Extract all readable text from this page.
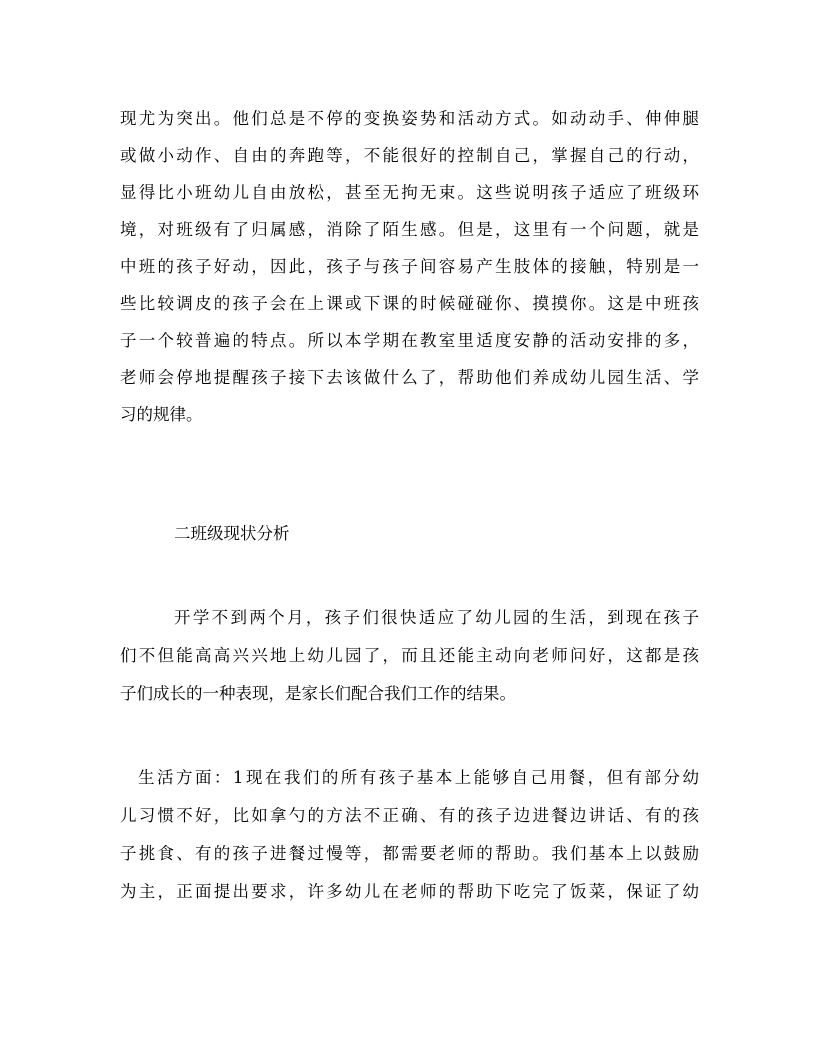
现尤为突出。他们总是不停的变换姿势和活动方式。如动动手、伸伸腿
或做小动作、自由的奔跑等，不能很好的控制自己，掌握自己的行动，
显得比小班幼儿自由放松，甚至无拘无束。这些说明孩子适应了班级环
境，对班级有了归属感，消除了陌生感。但是，这里有一个问题，就是
中班的孩子好动，因此，孩子与孩子间容易产生肢体的接触，特别是一
些比较调皮的孩子会在上课或下课的时候碰碰你、摸摸你。这是中班孩
子一个较普遍的特点。所以本学期在教室里适度安静的活动安排的多，
老师会停地提醒孩子接下去该做什么了，帮助他们养成幼儿园生活、学
习的规律。
二班级现状分析
开学不到两个月，孩子们很快适应了幼儿园的生活，到现在孩子
们不但能高高兴兴地上幼儿园了，而且还能主动向老师问好，这都是孩
子们成长的一种表现，是家长们配合我们工作的结果。
生活方面：1现在我们的所有孩子基本上能够自己用餐，但有部分幼
儿习惯不好，比如拿勺的方法不正确、有的孩子边进餐边讲话、有的孩
子挑食、有的孩子进餐过慢等，都需要老师的帮助。我们基本上以鼓励
为主，正面提出要求，许多幼儿在老师的帮助下吃完了饭菜，保证了幼
